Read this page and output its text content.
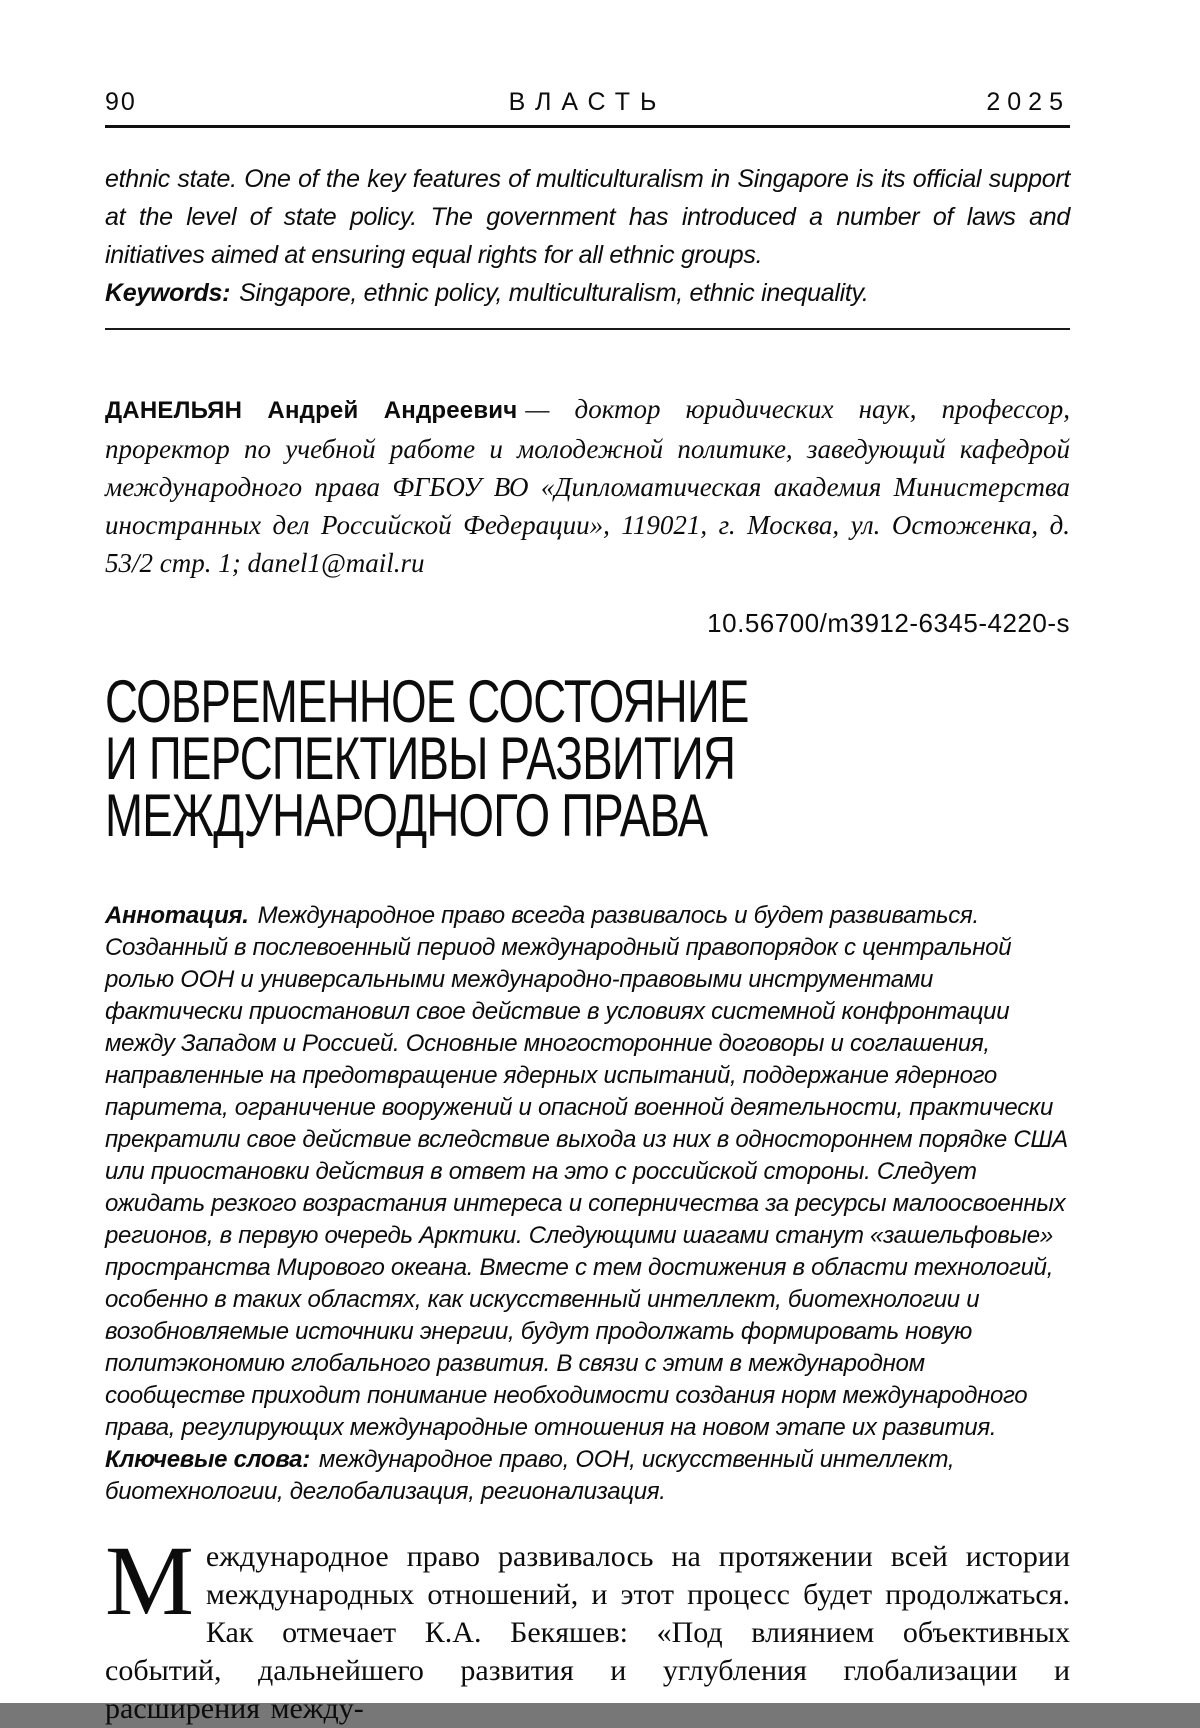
90	ВЛАСТЬ	2025
ethnic state. One of the key features of multiculturalism in Singapore is its official support at the level of state policy. The government has introduced a number of laws and initiatives aimed at ensuring equal rights for all ethnic groups.
Keywords: Singapore, ethnic policy, multiculturalism, ethnic inequality.
ДАНЕЛЬЯН Андрей Андреевич — доктор юридических наук, профессор, проректор по учебной работе и молодежной политике, заведующий кафедрой международного права ФГБОУ ВО «Дипломатическая академия Министерства иностранных дел Российской Федерации», 119021, г. Москва, ул. Остоженка, д. 53/2 стр. 1; danel1@mail.ru
10.56700/m3912-6345-4220-s
СОВРЕМЕННОЕ СОСТОЯНИЕ
И ПЕРСПЕКТИВЫ РАЗВИТИЯ
МЕЖДУНАРОДНОГО ПРАВА
Аннотация. Международное право всегда развивалось и будет развиваться. Созданный в послевоенный период международный правопорядок с центральной ролью ООН и универсальными международно-правовыми инструментами фактически приостановил свое действие в условиях системной конфронтации между Западом и Россией. Основные многосторонние договоры и соглашения, направленные на предотвращение ядерных испытаний, поддержание ядерного паритета, ограничение вооружений и опасной военной деятельности, практически прекратили свое действие вследствие выхода из них в одностороннем порядке США или приостановки действия в ответ на это с российской стороны. Следует ожидать резкого возрастания интереса и соперничества за ресурсы малоосвоенных регионов, в первую очередь Арктики. Следующими шагами станут «зашельфовые» пространства Мирового океана. Вместе с тем достижения в области технологий, особенно в таких областях, как искусственный интеллект, биотехнологии и возобновляемые источники энергии, будут продолжать формировать новую политэкономию глобального развития. В связи с этим в международном сообществе приходит понимание необходимости создания норм международного права, регулирующих международные отношения на новом этапе их развития.
Ключевые слова: международное право, ООН, искусственный интеллект, биотехнологии, деглобализация, регионализация.
Международное право развивалось на протяжении всей истории международных отношений, и этот процесс будет продолжаться. Как отмечает К.А. Бекяшев: «Под влиянием объективных событий, дальнейшего развития и углубления глобализации и расширения между-
